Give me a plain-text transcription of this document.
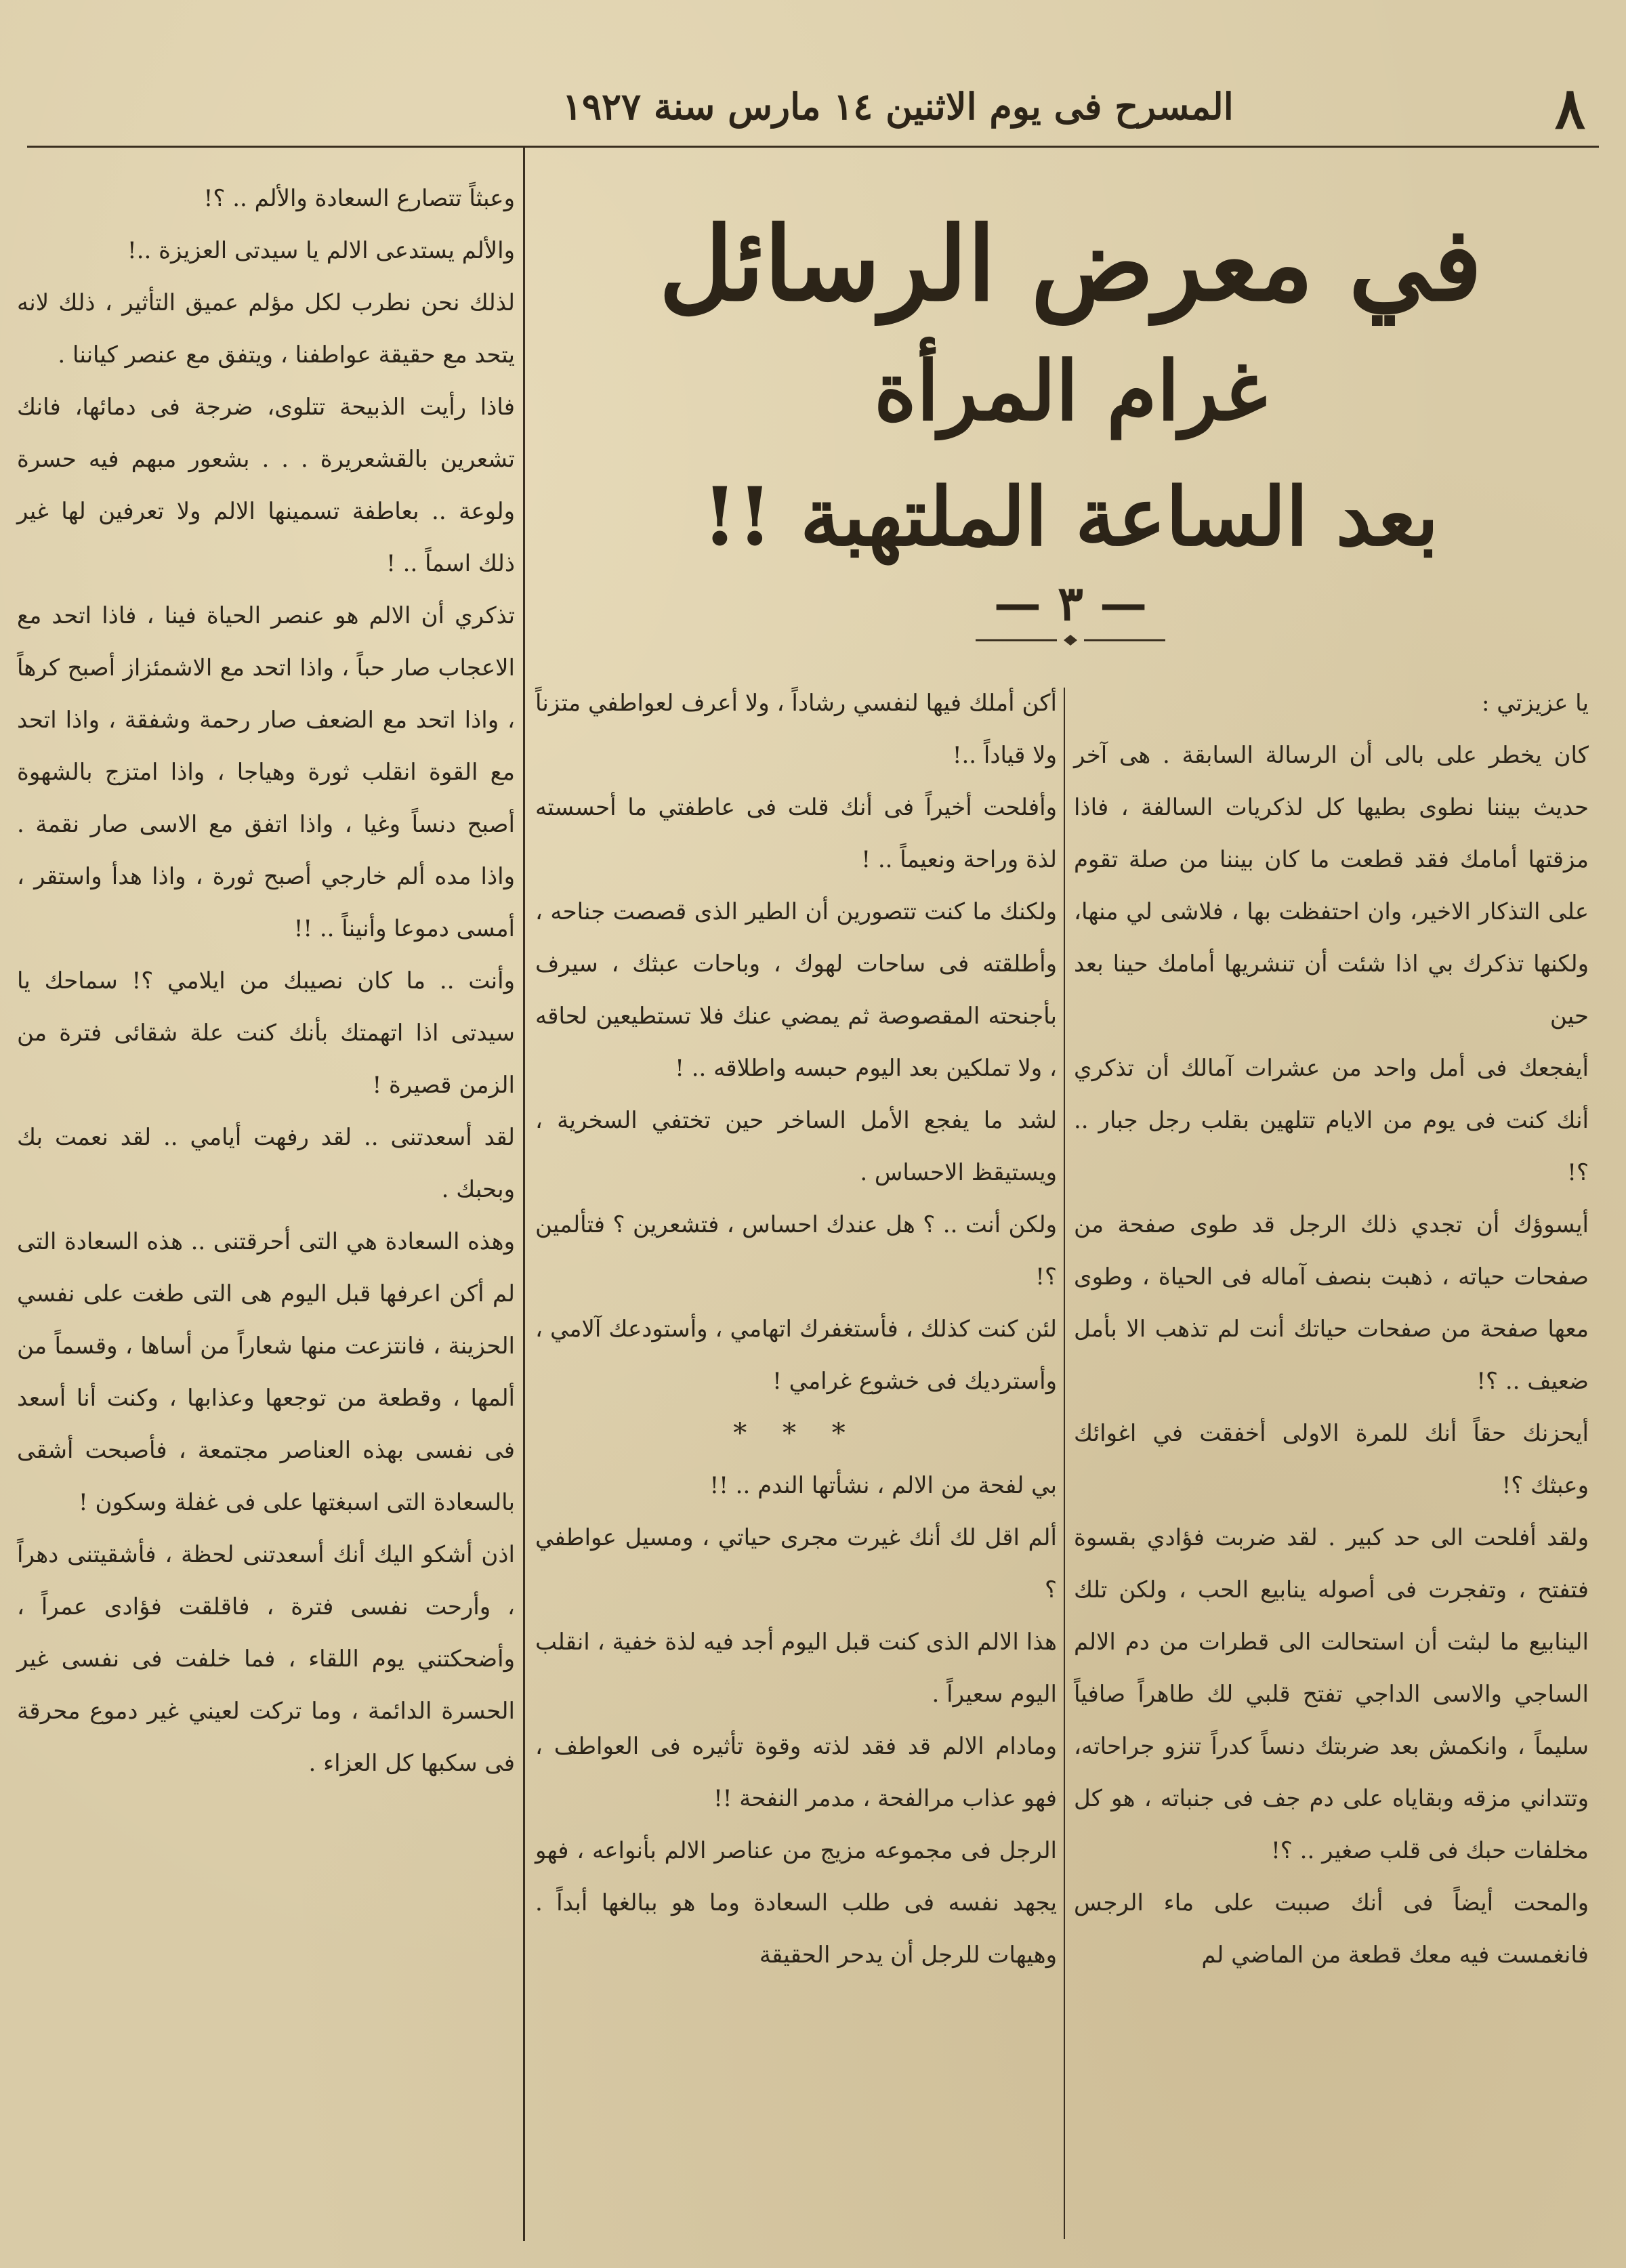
٨
المسرح فى يوم الاثنين ١٤ مارس سنة ١٩٢٧
في معرض الرسائل
غرام المرأة
بعد الساعة الملتهبة !!
— ٣ —

يا عزيزتي :

كان يخطر على بالى أن الرسالة السابقة . هى آخر حديث بيننا نطوى بطيها كل لذكريات السالفة ، فاذا مزقتها أمامك فقد قطعت ما كان بيننا من صلة تقوم على التذكار الاخير، وان احتفظت بها ، فلاشى لي منها، ولكنها تذكرك بي اذا شئت أن تنشريها أمامك حينا بعد حين

أيفجعك فى أمل واحد من عشرات آمالك أن تذكري أنك كنت فى يوم من الايام تتلهين بقلب رجل جبار .. ؟!

أيسوؤك أن تجدي ذلك الرجل قد طوى صفحة من صفحات حياته ، ذهبت بنصف آماله فى الحياة ، وطوى معها صفحة من صفحات حياتك أنت لم تذهب الا بأمل ضعيف .. ؟!

أيحزنك حقاً أنك للمرة الاولى أخفقت في اغوائك وعبثك ؟!

ولقد أفلحت الى حد كبير . لقد ضربت فؤادي بقسوة فتفتح ، وتفجرت فى أصوله ينابيع الحب ، ولكن تلك الينابيع ما لبثت أن استحالت الى قطرات من دم الالم الساجي والاسى الداجي تفتح قلبي لك طاهراً صافياً سليماً ، وانكمش بعد ضربتك دنساً كدراً تنزو جراحاته، وتتداني مزقه وبقاياه على دم جف فى جنباته ، هو كل مخلفات حبك فى قلب صغير .. ؟!

والمحت أيضاً فى أنك صببت على ماء الرجس فانغمست فيه معك قطعة من الماضي لم

أكن أملك فيها لنفسي رشاداً ، ولا أعرف لعواطفي متزناً ولا قياداً ..!

وأفلحت أخيراً فى أنك قلت فى عاطفتي ما أحسسته لذة وراحة ونعيماً .. !

ولكنك ما كنت تتصورين أن الطير الذى قصصت جناحه ، وأطلقته فى ساحات لهوك ، وباحات عبثك ، سيرف بأجنحته المقصوصة ثم يمضي عنك فلا تستطيعين لحاقه ، ولا تملكين بعد اليوم حبسه واطلاقه .. !

لشد ما يفجع الأمل الساخر حين تختفي السخرية ، ويستيقظ الاحساس .

ولكن أنت .. ؟ هل عندك احساس ، فتشعرين ؟ فتألمين ؟!

لئن كنت كذلك ، فأستغفرك اتهامي ، وأستودعك آلامي ، وأسترديك فى خشوع غرامي !

* * *

بي لفحة من الالم ، نشأتها الندم .. !!

ألم اقل لك أنك غيرت مجرى حياتي ، ومسيل عواطفي ؟

هذا الالم الذى كنت قبل اليوم أجد فيه لذة خفية ، انقلب اليوم سعيراً .

ومادام الالم قد فقد لذته وقوة تأثيره فى العواطف ، فهو عذاب مرالفحة ، مدمر النفحة !!

الرجل فى مجموعه مزيج من عناصر الالم بأنواعه ، فهو يجهد نفسه فى طلب السعادة وما هو ببالغها أبداً . وهيهات للرجل أن يدحر الحقيقة

وعبثاً تتصارع السعادة والألم .. ؟!

والألم يستدعى الالم يا سيدتى العزيزة ..!

لذلك نحن نطرب لكل مؤلم عميق التأثير ، ذلك لانه يتحد مع حقيقة عواطفنا ، ويتفق مع عنصر كياننا .

فاذا رأيت الذبيحة تتلوى، ضرجة فى دمائها، فانك تشعرين بالقشعريرة . . . بشعور مبهم فيه حسرة ولوعة .. بعاطفة تسمينها الالم ولا تعرفين لها غير ذلك اسماً .. !

تذكري أن الالم هو عنصر الحياة فينا ، فاذا اتحد مع الاعجاب صار حباً ، واذا اتحد مع الاشمئزاز أصبح كرهاً ، واذا اتحد مع الضعف صار رحمة وشفقة ، واذا اتحد مع القوة انقلب ثورة وهياجا ، واذا امتزج بالشهوة أصبح دنساً وغيا ، واذا اتفق مع الاسى صار نقمة . واذا مده ألم خارجي أصبح ثورة ، واذا هدأ واستقر ، أمسى دموعا وأنيناً .. !!

وأنت .. ما كان نصيبك من ايلامي ؟! سماحك يا سيدتى اذا اتهمتك بأنك كنت علة شقائى فترة من الزمن قصيرة !

لقد أسعدتنى .. لقد رفهت أيامي .. لقد نعمت بك وبحبك .

وهذه السعادة هي التى أحرقتنى .. هذه السعادة التى لم أكن اعرفها قبل اليوم هى التى طغت على نفسي الحزينة ، فانتزعت منها شعاراً من أساها ، وقسماً من ألمها ، وقطعة من توجعها وعذابها ، وكنت أنا أسعد فى نفسى بهذه العناصر مجتمعة ، فأصبحت أشقى بالسعادة التى اسبغتها على فى غفلة وسكون !

اذن أشكو اليك أنك أسعدتنى لحظة ، فأشقيتنى دهراً ، وأرحت نفسى فترة ، فاقلقت فؤادى عمراً ، وأضحكتني يوم اللقاء ، فما خلفت فى نفسى غير الحسرة الدائمة ، وما تركت لعيني غير دموع محرقة فى سكبها كل العزاء .
